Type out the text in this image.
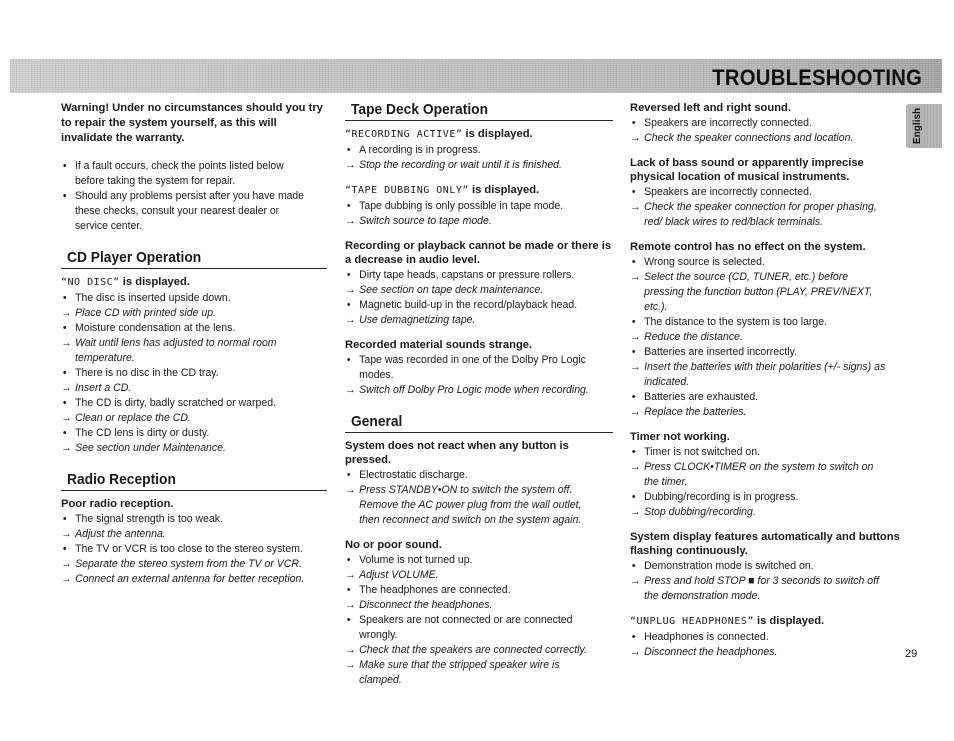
TROUBLESHOOTING
English
Warning! Under no circumstances should you try to repair the system yourself, as this will invalidate the warranty.
• If a fault occurs, check the points listed below before taking the system for repair.
• Should any problems persist after you have made these checks, consult your nearest dealer or service center.
CD Player Operation
“NO DISC” is displayed.
• The disc is inserted upside down.
→ Place CD with printed side up.
• Moisture condensation at the lens.
→ Wait until lens has adjusted to normal room temperature.
• There is no disc in the CD tray.
→ Insert a CD.
• The CD is dirty, badly scratched or warped.
→ Clean or replace the CD.
• The CD lens is dirty or dusty.
→ See section under Maintenance.
Radio Reception
Poor radio reception.
• The signal strength is too weak.
→ Adjust the antenna.
• The TV or VCR is too close to the stereo system.
→ Separate the stereo system from the TV or VCR.
→ Connect an external antenna for better reception.
Tape Deck Operation
“RECORDING ACTIVE” is displayed.
• A recording is in progress.
→ Stop the recording or wait until it is finished.
“TAPE DUBBING ONLY” is displayed.
• Tape dubbing is only possible in tape mode.
→ Switch source to tape mode.
Recording or playback cannot be made or there is a decrease in audio level.
• Dirty tape heads, capstans or pressure rollers.
→ See section on tape deck maintenance.
• Magnetic build-up in the record/playback head.
→ Use demagnetizing tape.
Recorded material sounds strange.
• Tape was recorded in one of the Dolby Pro Logic modes.
→ Switch off Dolby Pro Logic mode when recording.
General
System does not react when any button is pressed.
• Electrostatic discharge.
→ Press STANDBY•ON to switch the system off. Remove the AC power plug from the wall outlet, then reconnect and switch on the system again.
No or poor sound.
• Volume is not turned up.
→ Adjust VOLUME.
• The headphones are connected.
→ Disconnect the headphones.
• Speakers are not connected or are connected wrongly.
→ Check that the speakers are connected correctly.
→ Make sure that the stripped speaker wire is clamped.
Reversed left and right sound.
• Speakers are incorrectly connected.
→ Check the speaker connections and location.
Lack of bass sound or apparently imprecise physical location of musical instruments.
• Speakers are incorrectly connected.
→ Check the speaker connection for proper phasing, red/ black wires to red/black terminals.
Remote control has no effect on the system.
• Wrong source is selected.
→ Select the source (CD, TUNER, etc.) before pressing the function button (PLAY, PREV/NEXT, etc.).
• The distance to the system is too large.
→ Reduce the distance.
• Batteries are inserted incorrectly.
→ Insert the batteries with their polarities (+/- signs) as indicated.
• Batteries are exhausted.
→ Replace the batteries.
Timer not working.
• Timer is not switched on.
→ Press CLOCK•TIMER on the system to switch on the timer.
• Dubbing/recording is in progress.
→ Stop dubbing/recording.
System display features automatically and buttons flashing continuously.
• Demonstration mode is switched on.
→ Press and hold STOP ■ for 3 seconds to switch off the demonstration mode.
“UNPLUG HEADPHONES” is displayed.
• Headphones is connected.
→ Disconnect the headphones.	29
